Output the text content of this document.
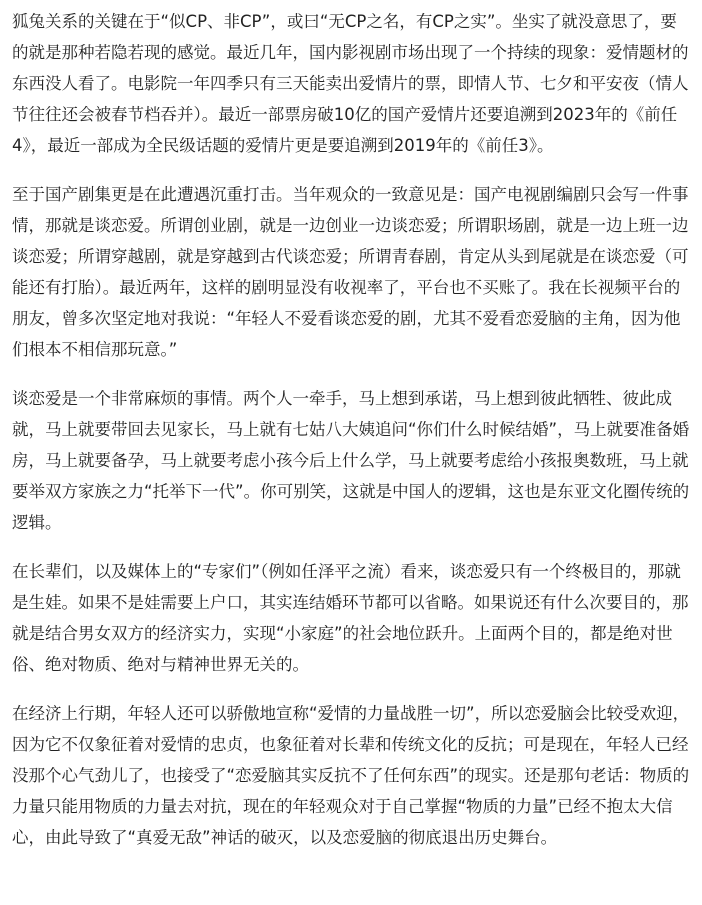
狐兔关系的关键在于“似CP、非CP”，或曰“无CP之名，有CP之实”。坐实了就没意思了，要的就是那种若隐若现的感觉。最近几年，国内影视剧市场出现了一个持续的现象：爱情题材的东西没人看了。电影院一年四季只有三天能卖出爱情片的票，即情人节、七夕和平安夜（情人节往往还会被春节档吞并）。最近一部票房破10亿的国产爱情片还要追溯到2023年的《前任4》，最近一部成为全民级话题的爱情片更是要追溯到2019年的《前任3》。

至于国产剧集更是在此遭遇沉重打击。当年观众的一致意见是：国产电视剧编剧只会写一件事情，那就是谈恋爱。所谓创业剧，就是一边创业一边谈恋爱；所谓职场剧，就是一边上班一边谈恋爱；所谓穿越剧，就是穿越到古代谈恋爱；所谓青春剧，肯定从头到尾就是在谈恋爱（可能还有打胎）。最近两年，这样的剧明显没有收视率了，平台也不买账了。我在长视频平台的朋友，曾多次坚定地对我说：“年轻人不爱看谈恋爱的剧，尤其不爱看恋爱脑的主角，因为他们根本不相信那玩意。”

谈恋爱是一个非常麻烦的事情。两个人一牵手，马上想到承诺，马上想到彼此牺牲、彼此成就，马上就要带回去见家长，马上就有七姑八大姨追问“你们什么时候结婚”，马上就要准备婚房，马上就要备孕，马上就要考虑小孩今后上什么学，马上就要考虑给小孩报奥数班，马上就要举双方家族之力“托举下一代”。你可别笑，这就是中国人的逻辑，这也是东亚文化圈传统的逻辑。

在长辈们，以及媒体上的“专家们”（例如任泽平之流）看来，谈恋爱只有一个终极目的，那就是生娃。如果不是娃需要上户口，其实连结婚环节都可以省略。如果说还有什么次要目的，那就是结合男女双方的经济实力，实现“小家庭”的社会地位跃升。上面两个目的，都是绝对世俗、绝对物质、绝对与精神世界无关的。

在经济上行期，年轻人还可以骄傲地宣称“爱情的力量战胜一切”，所以恋爱脑会比较受欢迎，因为它不仅象征着对爱情的忠贞，也象征着对长辈和传统文化的反抗；可是现在，年轻人已经没那个心气劲儿了，也接受了“恋爱脑其实反抗不了任何东西”的现实。还是那句老话：物质的力量只能用物质的力量去对抗，现在的年轻观众对于自己掌握“物质的力量”已经不抱太大信心，由此导致了“真爱无敌”神话的破灭，以及恋爱脑的彻底退出历史舞台。
